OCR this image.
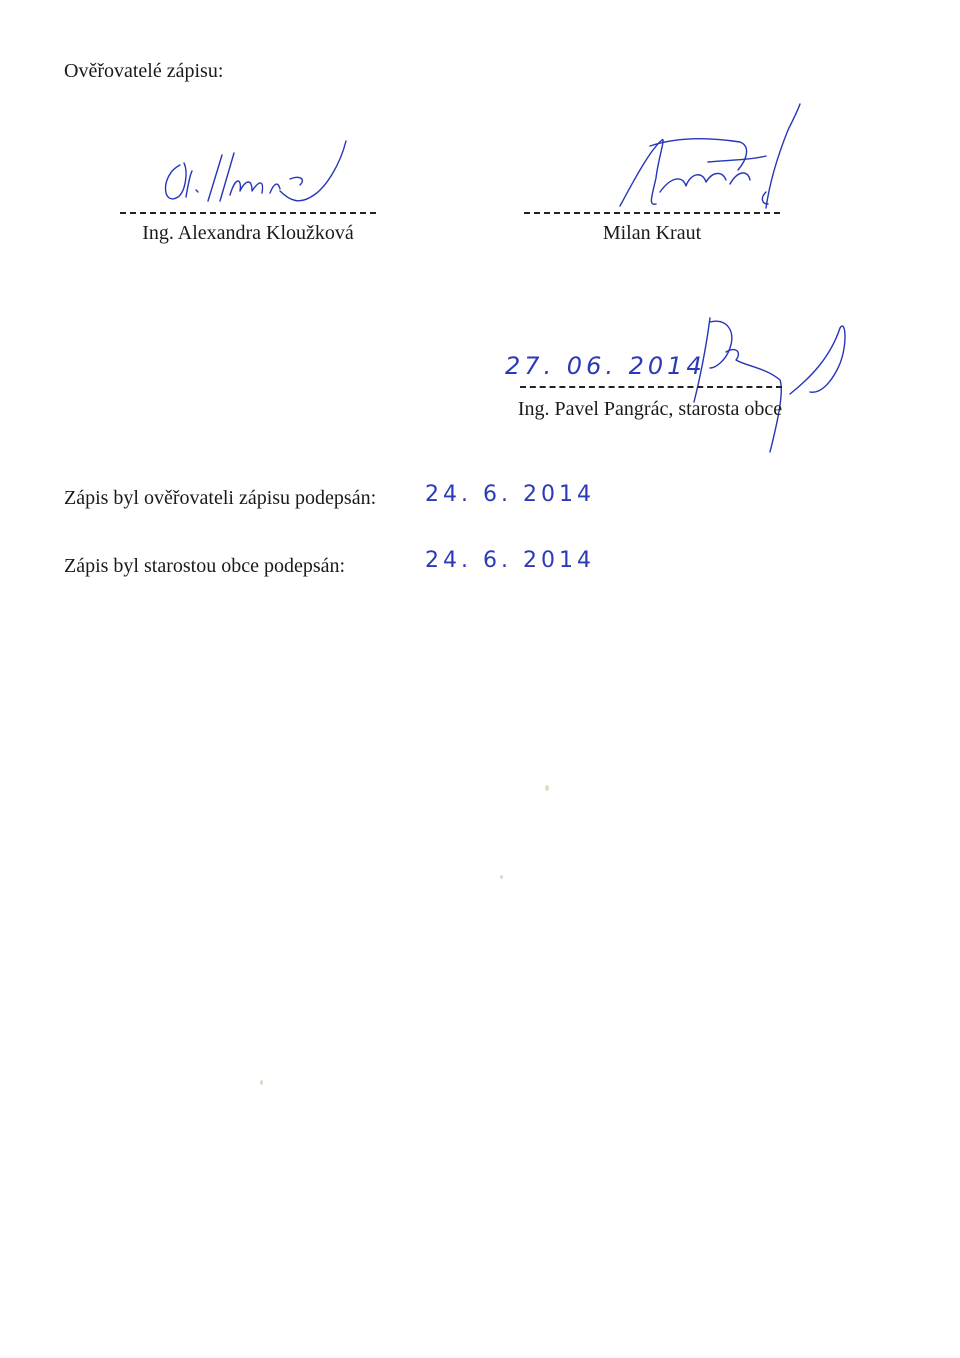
Ověřovatelé zápisu:
Ing. Alexandra Kloužková	Milan Kraut
27. 06. 2014
Ing. Pavel Pangrác, starosta obce
Zápis byl ověřovateli zápisu podepsán: 24. 6. 2014
Zápis byl starostou obce podepsán:	24. 6. 2014
